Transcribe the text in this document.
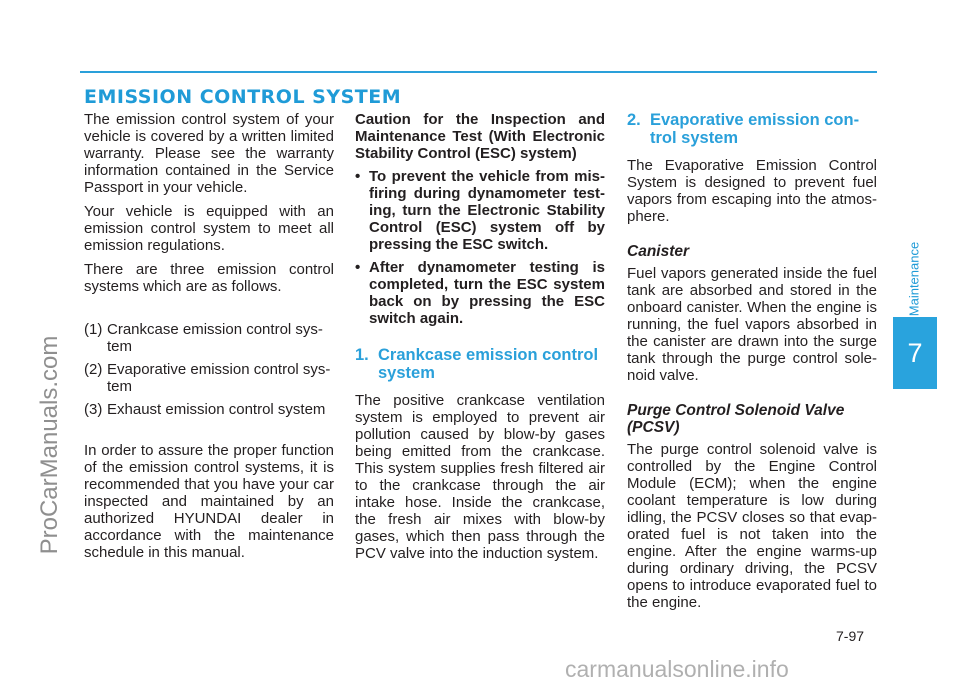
EMISSION CONTROL SYSTEM

The emission control system of your vehicle is covered by a written limited warranty. Please see the warranty information contained in the Service Passport in your vehicle.

Your vehicle is equipped with an emission control system to meet all emission regulations.

There are three emission control systems which are as follows.

(1) Crankcase emission control sys-tem
(2) Evaporative emission control sys-tem
(3) Exhaust emission control system

In order to assure the proper function of the emission control systems, it is recommended that you have your car inspected and maintained by an authorized HYUNDAI dealer in accordance with the maintenance schedule in this manual.

Caution for the Inspection and Maintenance Test (With Electronic Stability Control (ESC) system)

• To prevent the vehicle from mis-firing during dynamometer test-ing, turn the Electronic Stability Control (ESC) system off by pressing the ESC switch.
• After dynamometer testing is completed, turn the ESC system back on by pressing the ESC switch again.
1. Crankcase emission control system

The positive crankcase ventilation system is employed to prevent air pollution caused by blow-by gases being emitted from the crankcase. This system supplies fresh filtered air to the crankcase through the air intake hose. Inside the crankcase, the fresh air mixes with blow-by gases, which then pass through the PCV valve into the induction system.

2. Evaporative emission con-trol system

The Evaporative Emission Control System is designed to prevent fuel vapors from escaping into the atmos-phere.

Canister

Fuel vapors generated inside the fuel tank are absorbed and stored in the onboard canister. When the engine is running, the fuel vapors absorbed in the canister are drawn into the surge tank through the purge control sole-noid valve.

Purge Control Solenoid Valve (PCSV)

The purge control solenoid valve is controlled by the Engine Control Module (ECM); when the engine coolant temperature is low during idling, the PCSV closes so that evap-orated fuel is not taken into the engine. After the engine warms-up during ordinary driving, the PCSV opens to introduce evaporated fuel to the engine.

Maintenance
7
7-97
ProCarManuals.com
carmanualsonline.info
